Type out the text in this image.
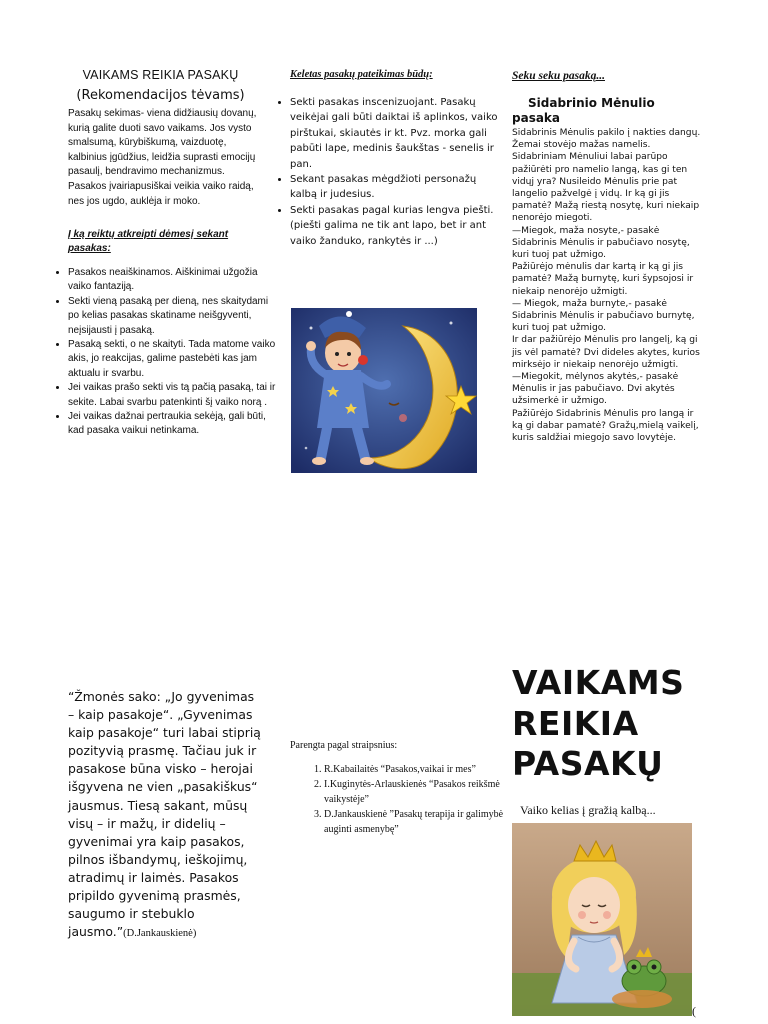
VAIKAMS REIKIA PASAKŲ
(Rekomendacijos tėvams)
Pasakų sekimas- viena didžiausių dovanų, kurią galite duoti savo vaikams. Jos vysto smalsumą, kūrybiškumą, vaizduotę, kalbinius įgūdžius, leidžia suprasti emocijų pasaulį, bendravimo mechanizmus. Pasakos įvairiapusiškai veikia vaiko raidą, nes jos ugdo, auklėja ir moko.
Į ką reiktų atkreipti dėmesį sekant pasakas:
• Pasakos neaiškinamos. Aiškinimai užgožia vaiko fantaziją.
• Sekti vieną pasaką per dieną, nes skaitydami po kelias pasakas skatiname neišgyventi, neįsijausti į pasaką.
• Pasaką sekti, o ne skaityti. Tada matome vaiko akis, jo reakcijas, galime pastebėti kas jam aktualu ir svarbu.
• Jei vaikas prašo sekti vis tą pačią pasaką, tai ir sekite. Labai svarbu patenkinti šį vaiko norą .
• Jei vaikas dažnai pertraukia sekėją, gali būti, kad pasaka vaikui netinkama.
Keletas pasakų pateikimas būdų:
• Sekti pasakas inscenizuojant. Pasakų veikėjai gali būti daiktai iš aplinkos, vaiko pirštukai, skiautės ir kt. Pvz. morka gali pabūti lape, medinis šaukštas - senelis ir pan.
• Sekant pasakas mėgdžioti personažų kalbą ir judesius.
• Sekti pasakas pagal kurias lengva piešti. (piešti galima ne tik ant lapo, bet ir ant vaiko žanduko, rankytės ir ...)
Seku seku pasaką...
Sidabrinio Mėnulio pasaka

Sidabrinis Mėnulis pakilo į nakties dangų. Žemai stovėjo mažas namelis. Sidabriniam Mėnuliui labai parūpo pažiūrėti pro namelio langą, kas gi ten vidųj yra? Nusileido Mėnulis prie pat langelio pažvelgė į vidų. Ir ką gi jis pamatė? Mažą riestą nosytę, kuri niekaip nenorėjo miegoti.

—Miegok, maža nosyte,- pasakė Sidabrinis Mėnulis ir pabučiavo nosytę, kuri tuoj pat užmigo.

Pažiūrėjo mėnulis dar kartą ir ką gi jis pamatė? Mažą burnytę, kuri šypsojosi ir niekaip nenorėjo užmigti.

— Miegok, maža burnyte,- pasakė Sidabrinis Mėnulis ir pabučiavo burnytę, kuri tuoj pat užmigo.

Ir dar pažiūrėjo Mėnulis pro langelį, ką gi jis vėl pamatė? Dvi dideles akytes, kurios mirksėjo ir niekaip nenorėjo užmigti.

—Miegokit, mėlynos akytės,- pasakė Mėnulis ir jas pabučiavo. Dvi akytės užsimerkė ir užmigo.

Pažiūrėjo Sidabrinis Mėnulis pro langą ir ką gi dabar pamatė? Gražų,mielą vaikelį, kuris saldžiai miegojo savo lovytėje.

“Žmonės sako: „Jo gyvenimas – kaip pasakoje“. „Gyvenimas kaip pasakoje“ turi labai stiprią pozityvią prasmę. Tačiau juk ir pasakose būna visko – herojai išgyvena ne vien „pasakiškus“ jausmus. Tiesą sakant, mūsų visų – ir mažų, ir didelių – gyvenimai yra kaip pasakos, pilnos išbandymų, ieškojimų, atradimų ir laimės. Pasakos pripildo gyvenimą prasmės, saugumo ir stebuklo jausmo.”(D.Jankauskienė)
Parengta pagal straipsnius:
1. R.Kabailaitės “Pasakos,vaikai ir mes”
2. I.Kuginytės-Arlauskienės “Pasakos reikšmė vaikystėje”
3. D.Jankauskienė ”Pasakų terapija ir galimybė auginti asmenybę”
VAIKAMS
REIKIA
PASAKŲ
Vaiko kelias į gražią kalbą...
(
